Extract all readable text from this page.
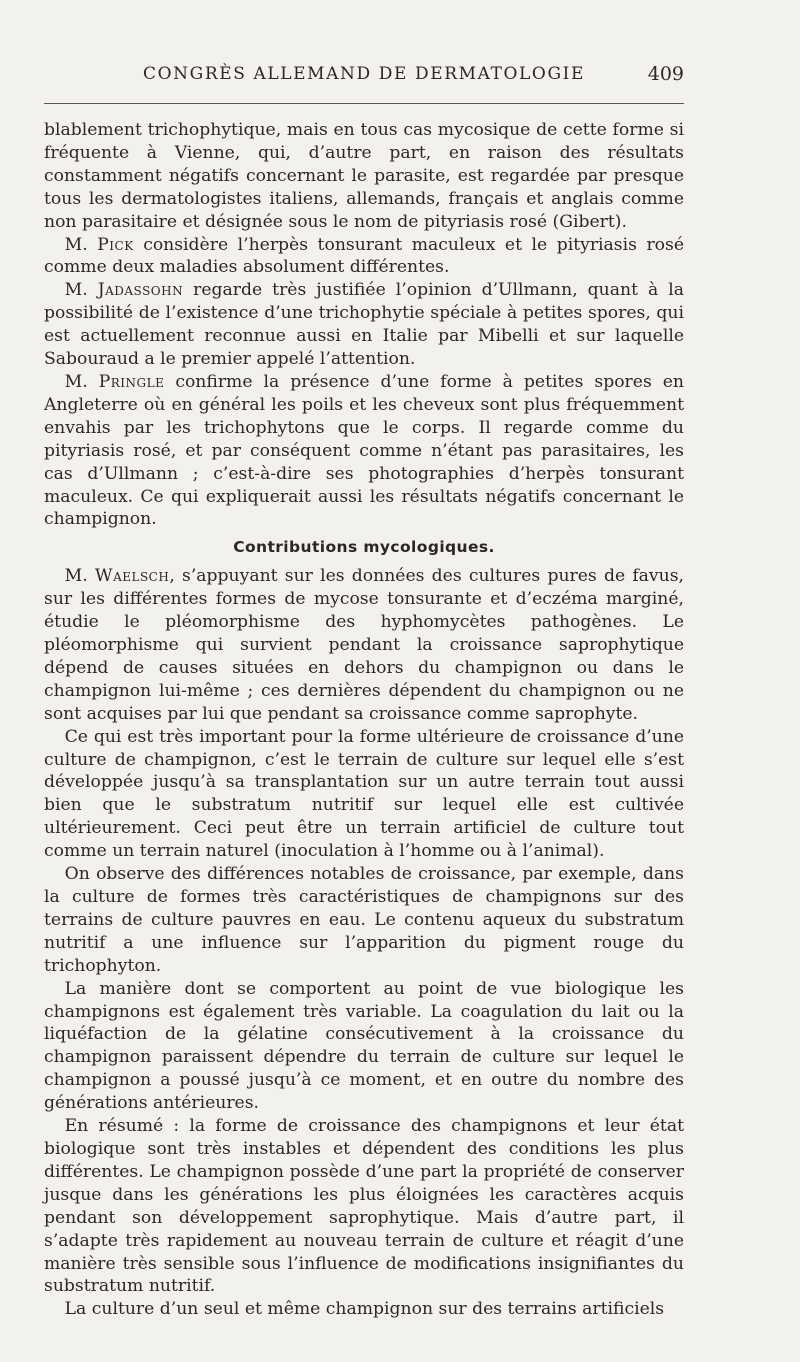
CONGRÈS ALLEMAND DE DERMATOLOGIE	409

blablement trichophytique, mais en tous cas mycosique de cette forme si fréquente à Vienne, qui, d’autre part, en raison des résultats constamment négatifs concernant le parasite, est regardée par presque tous les dermatologistes italiens, allemands, français et anglais comme non parasitaire et désignée sous le nom de pityriasis rosé (Gibert).

M. Pick considère l’herpès tonsurant maculeux et le pityriasis rosé comme deux maladies absolument différentes.

M. Jadassohn regarde très justifiée l’opinion d’Ullmann, quant à la possibilité de l’existence d’une trichophytie spéciale à petites spores, qui est actuellement reconnue aussi en Italie par Mibelli et sur laquelle Sabouraud a le premier appelé l’attention.

M. Pringle confirme la présence d’une forme à petites spores en Angleterre où en général les poils et les cheveux sont plus fréquemment envahis par les trichophytons que le corps. Il regarde comme du pityriasis rosé, et par conséquent comme n’étant pas parasitaires, les cas d’Ullmann ; c’est-à-dire ses photographies d’herpès tonsurant maculeux. Ce qui expliquerait aussi les résultats négatifs concernant le champignon.

Contributions mycologiques.

M. Waelsch, s’appuyant sur les données des cultures pures de favus, sur les différentes formes de mycose tonsurante et d’eczéma marginé, étudie le pléomorphisme des hyphomycètes pathogènes. Le pléomorphisme qui survient pendant la croissance saprophytique dépend de causes situées en dehors du champignon ou dans le champignon lui-même ; ces dernières dépendent du champignon ou ne sont acquises par lui que pendant sa croissance comme saprophyte.

Ce qui est très important pour la forme ultérieure de croissance d’une culture de champignon, c’est le terrain de culture sur lequel elle s’est développée jusqu’à sa transplantation sur un autre terrain tout aussi bien que le substratum nutritif sur lequel elle est cultivée ultérieurement. Ceci peut être un terrain artificiel de culture tout comme un terrain naturel (inoculation à l’homme ou à l’animal).

On observe des différences notables de croissance, par exemple, dans la culture de formes très caractéristiques de champignons sur des terrains de culture pauvres en eau. Le contenu aqueux du substratum nutritif a une influence sur l’apparition du pigment rouge du trichophyton.

La manière dont se comportent au point de vue biologique les champignons est également très variable. La coagulation du lait ou la liquéfaction de la gélatine consécutivement à la croissance du champignon paraissent dépendre du terrain de culture sur lequel le champignon a poussé jusqu’à ce moment, et en outre du nombre des générations antérieures.

En résumé : la forme de croissance des champignons et leur état biologique sont très instables et dépendent des conditions les plus différentes. Le champignon possède d’une part la propriété de conserver jusque dans les générations les plus éloignées les caractères acquis pendant son développement saprophytique. Mais d’autre part, il s’adapte très rapidement au nouveau terrain de culture et réagit d’une manière très sensible sous l’influence de modifications insignifiantes du substratum nutritif.

La culture d’un seul et même champignon sur des terrains artificiels
